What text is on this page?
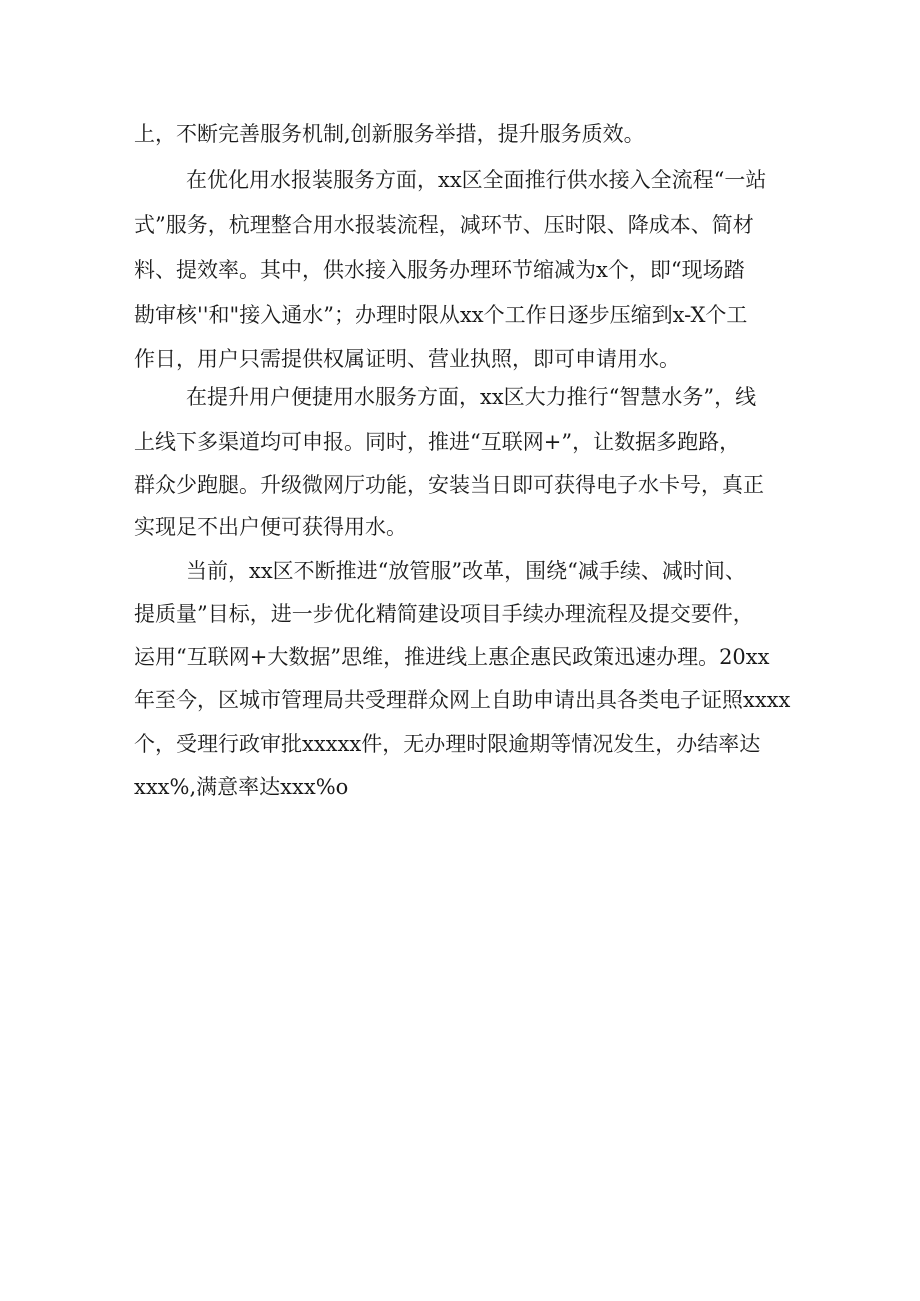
上，不断完善服务机制,创新服务举措，提升服务质效。
在优化用水报装服务方面，xx区全面推行供水接入全流程“一站
式”服务，杭理整合用水报装流程，减环节、压时限、降成本、简材
料、提效率。其中，供水接入服务办理环节缩减为x个，即“现场踏
勘审核''和"接入通水”；办理时限从xx个工作日逐步压缩到x-X个工
作日，用户只需提供权属证明、营业执照，即可申请用水。
在提升用户便捷用水服务方面，xx区大力推行“智慧水务”，线
上线下多渠道均可申报。同时，推进“互联网+”，让数据多跑路，
群众少跑腿。升级微网厅功能，安装当日即可获得电子水卡号，真正
实现足不出户便可获得用水。
当前，xx区不断推进“放管服”改革，围绕“减手续、减时间、
提质量”目标，进一步优化精简建设项目手续办理流程及提交要件，
运用“互联网+大数据”思维，推进线上惠企惠民政策迅速办理。20xx
年至今，区城市管理局共受理群众网上自助申请出具各类电子证照xxxx
个，受理行政审批xxxxx件，无办理时限逾期等情况发生，办结率达
xxx%,满意率达xxx%o
